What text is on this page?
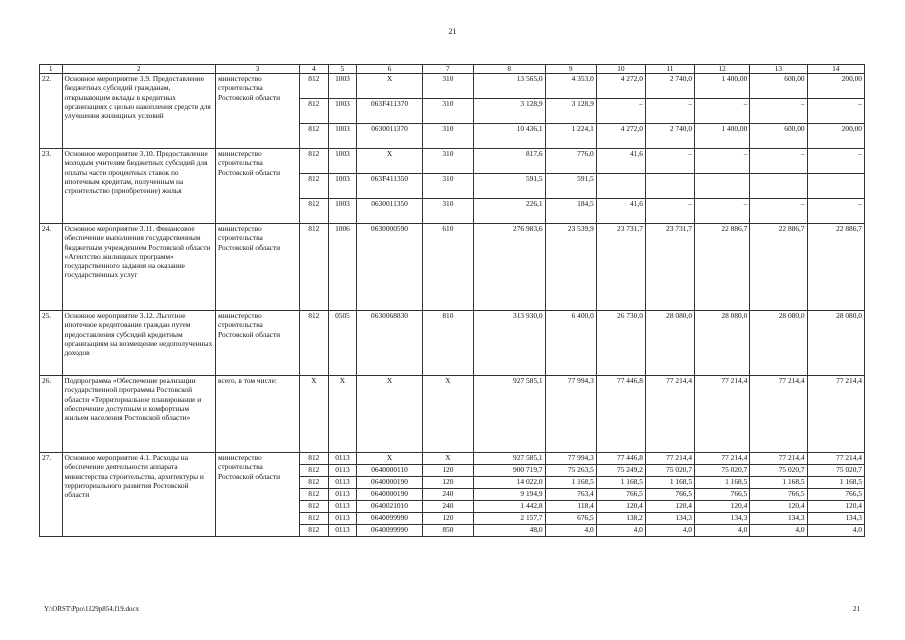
21
1	2	3	4	5	6	7	8	9	10	11	12	13	14
22.	Основное мероприятие 3.9. Предоставление бюджетных субсидий гражданам, открывающим вклады в кредитных организациях с целью накопления средств для улучшения жилищных условий	министерство строительства Ростовской области	812	1003	X	310	13 565,0	4 353,0	4 272,0	2 740,0	1 400,00	600,00	200,00
			812	1003	063F411370	310	3 128,9	3 128,9	–	–	–	–	–
			812	1003	0630011370	310	10 436,1	1 224,1	4 272,0	2 740,0	1 400,00	600,00	200,00
23.	Основное мероприятие 3.10. Предоставление молодым учителям бюджетных субсидий для оплаты части процентных ставок по ипотечным кредитам, полученным на строительство (приобретение) жилья	министерство строительства Ростовской области	812	1003	X	310	817,6	776,0	41,6	–	–	–	–
			812	1003	063F411350	310	591,5	591,5					
			812	1003	0630011350	310	226,1	184,5	41,6	–	–	–	–
24.	Основное мероприятие 3.11. Финансовое обеспечение выполнения государственным бюджетным учреждением Ростовской области «Агентство жилищных программ» государственного задания на оказание государственных услуг	министерство строительства Ростовской области	812	1006	0630000590	610	276 983,6	23 539,9	23 731,7	23 731,7	22 886,7	22 886,7	22 886,7
25.	Основное мероприятие 3.12. Льготное ипотечное кредитование граждан путем предоставления субсидий кредитным организациям на возмещение недополученных доходов	министерство строительства Ростовской области	812	0505	0630068830	810	313 930,0	6 400,0	26 730,0	28 080,0	28 080,0	28 080,0	28 080,0
26.	Подпрограмма «Обеспечение реализации государственной программы Ростовской области «Территориальное планирование и обеспечение доступным и комфортным жильем населения Ростовской области»	всего, в том числе:	X	X	X	X	927 585,1	77 994,3	77 446,8	77 214,4	77 214,4	77 214,4	77 214,4
27.	Основное мероприятие 4.1. Расходы на обеспечение деятельности аппарата министерства строительства, архитектуры и территориального развития Ростовской области	министерство строительства Ростовской области	812	0113	X	X	927 585,1	77 994,3	77 446,8	77 214,4	77 214,4	77 214,4	77 214,4
			812	0113	0640000110	120	900 719,7	75 263,5	75 249,2	75 020,7	75 020,7	75 020,7	75 020,7
			812	0113	0640000190	120	14 022,0	1 168,5	1 168,5	1 168,5	1 168,5	1 168,5	1 168,5
			812	0113	0640000190	240	9 194,9	763,4	766,5	766,5	766,5	766,5	766,5
			812	0113	0640021010	240	1 442,8	118,4	120,4	120,4	120,4	120,4	120,4
			812	0113	0640099990	120	2 157,7	676,5	138,2	134,3	134,3	134,3	134,3
			812	0113	0640099990	850	48,0	4,0	4,0	4,0	4,0	4,0	4,0
Y:\ORST\Ppo\1129p854.f19.docx	21
